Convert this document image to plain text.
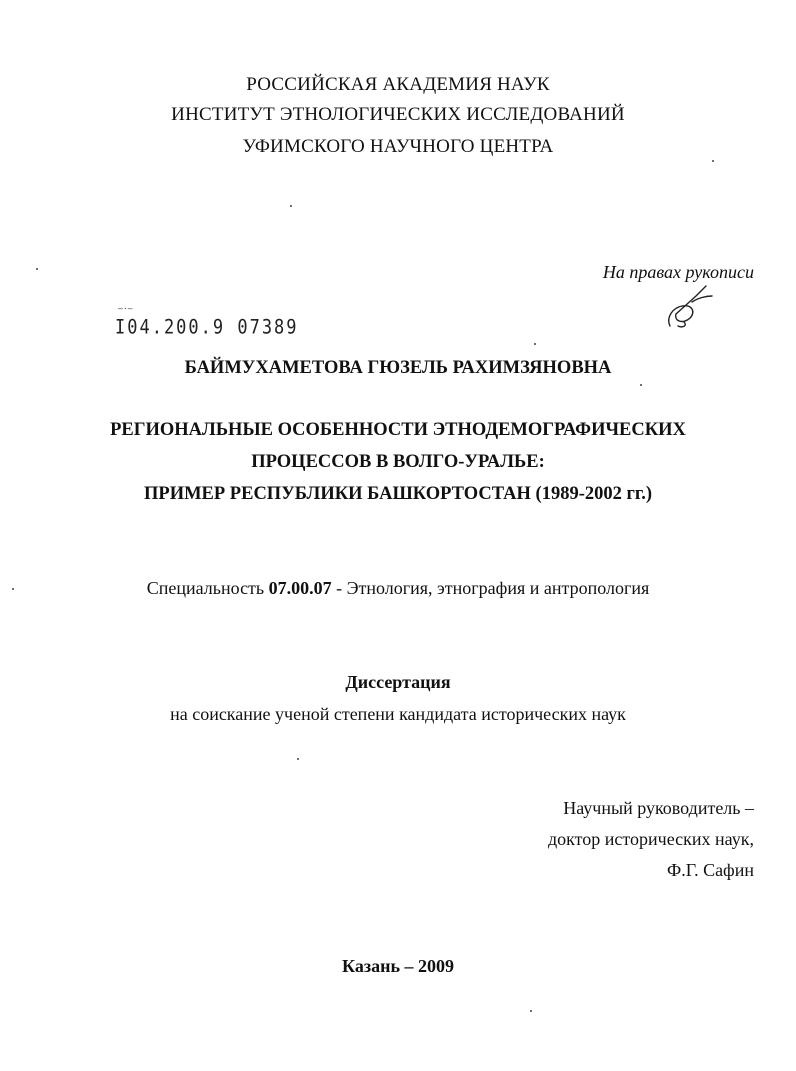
РОССИЙСКАЯ АКАДЕМИЯ НАУК
ИНСТИТУТ ЭТНОЛОГИЧЕСКИХ ИССЛЕДОВАНИЙ
УФИМСКОГО НАУЧНОГО ЦЕНТРА
На правах рукописи
—·—
I04.200.9 07389
БАЙМУХАМЕТОВА ГЮЗЕЛЬ РАХИМЗЯНОВНА
РЕГИОНАЛЬНЫЕ ОСОБЕННОСТИ ЭТНОДЕМОГРАФИЧЕСКИХ
ПРОЦЕССОВ В ВОЛГО-УРАЛЬЕ:
ПРИМЕР РЕСПУБЛИКИ БАШКОРТОСТАН (1989-2002 гг.)
Специальность 07.00.07 - Этнология, этнография и антропология
Диссертация
на соискание ученой степени кандидата исторических наук
Научный руководитель –
доктор исторических наук,
Ф.Г. Сафин
Казань – 2009
